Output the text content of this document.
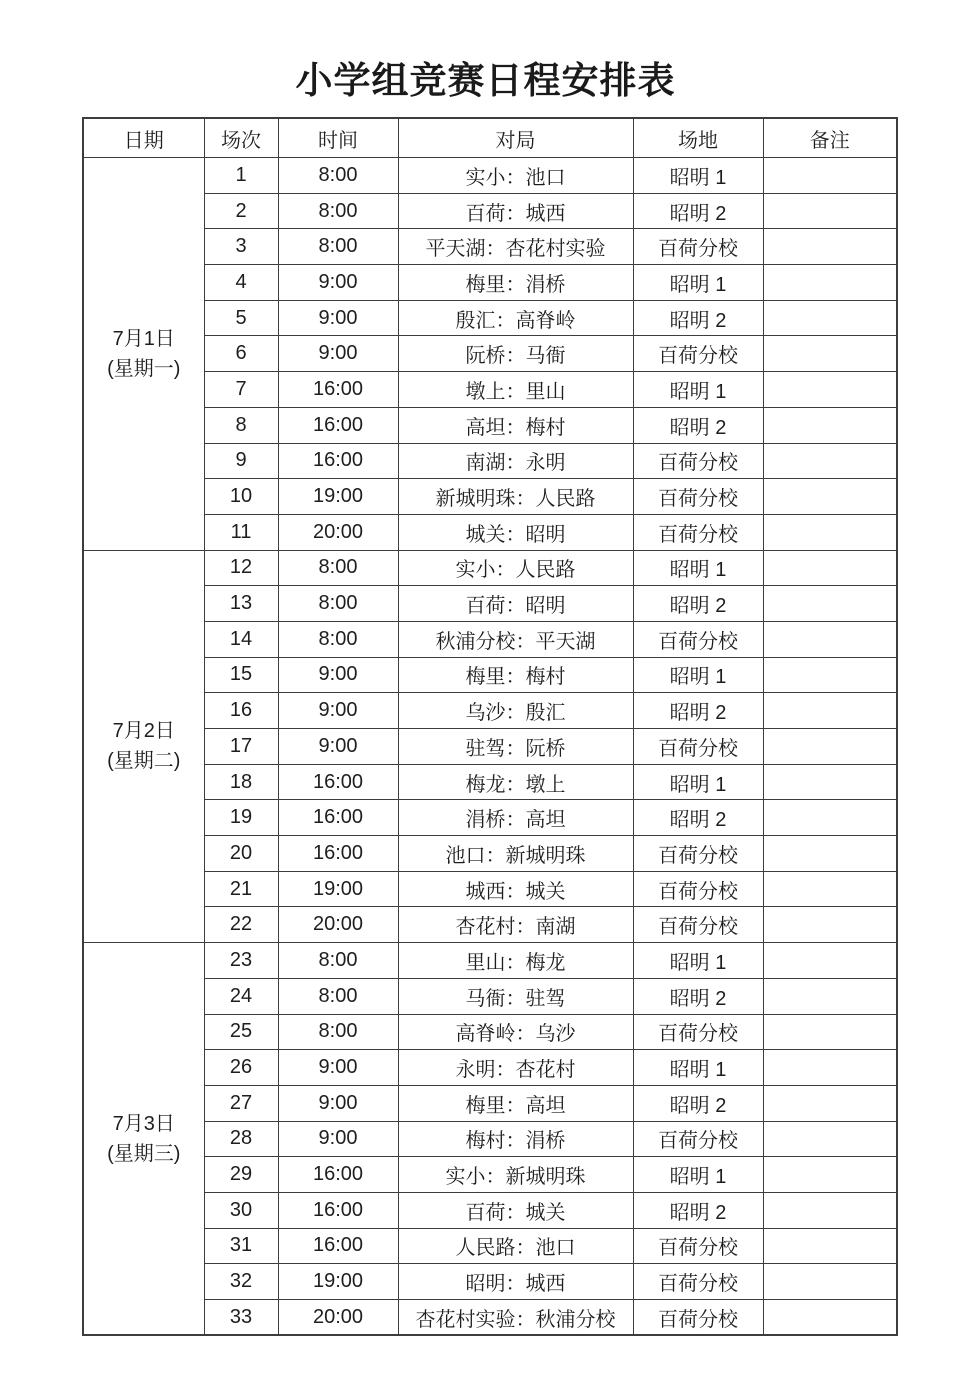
小学组竞赛日程安排表
日期	场次	时间	对局	场地	备注

7月1日
(星期一)	1	8:00	实小：池口	昭明 1	
	2	8:00	百荷：城西	昭明 2	
	3	8:00	平天湖：杏花村实验	百荷分校	
	4	9:00	梅里：涓桥	昭明 1	
	5	9:00	殷汇：高脊岭	昭明 2	
	6	9:00	阮桥：马衙	百荷分校	
	7	16:00	墩上：里山	昭明 1	
	8	16:00	高坦：梅村	昭明 2	
	9	16:00	南湖：永明	百荷分校	
	10	19:00	新城明珠：人民路	百荷分校	
	11	20:00	城关：昭明	百荷分校	

7月2日
(星期二)	12	8:00	实小：人民路	昭明 1	
	13	8:00	百荷：昭明	昭明 2	
	14	8:00	秋浦分校：平天湖	百荷分校	
	15	9:00	梅里：梅村	昭明 1	
	16	9:00	乌沙：殷汇	昭明 2	
	17	9:00	驻驾：阮桥	百荷分校	
	18	16:00	梅龙：墩上	昭明 1	
	19	16:00	涓桥：高坦	昭明 2	
	20	16:00	池口：新城明珠	百荷分校	
	21	19:00	城西：城关	百荷分校	
	22	20:00	杏花村：南湖	百荷分校	

7月3日
(星期三)	23	8:00	里山：梅龙	昭明 1	
	24	8:00	马衙：驻驾	昭明 2	
	25	8:00	高脊岭：乌沙	百荷分校	
	26	9:00	永明：杏花村	昭明 1	
	27	9:00	梅里：高坦	昭明 2	
	28	9:00	梅村：涓桥	百荷分校	
	29	16:00	实小：新城明珠	昭明 1	
	30	16:00	百荷：城关	昭明 2	
	31	16:00	人民路：池口	百荷分校	
	32	19:00	昭明：城西	百荷分校	
	33	20:00	杏花村实验：秋浦分校	百荷分校	
